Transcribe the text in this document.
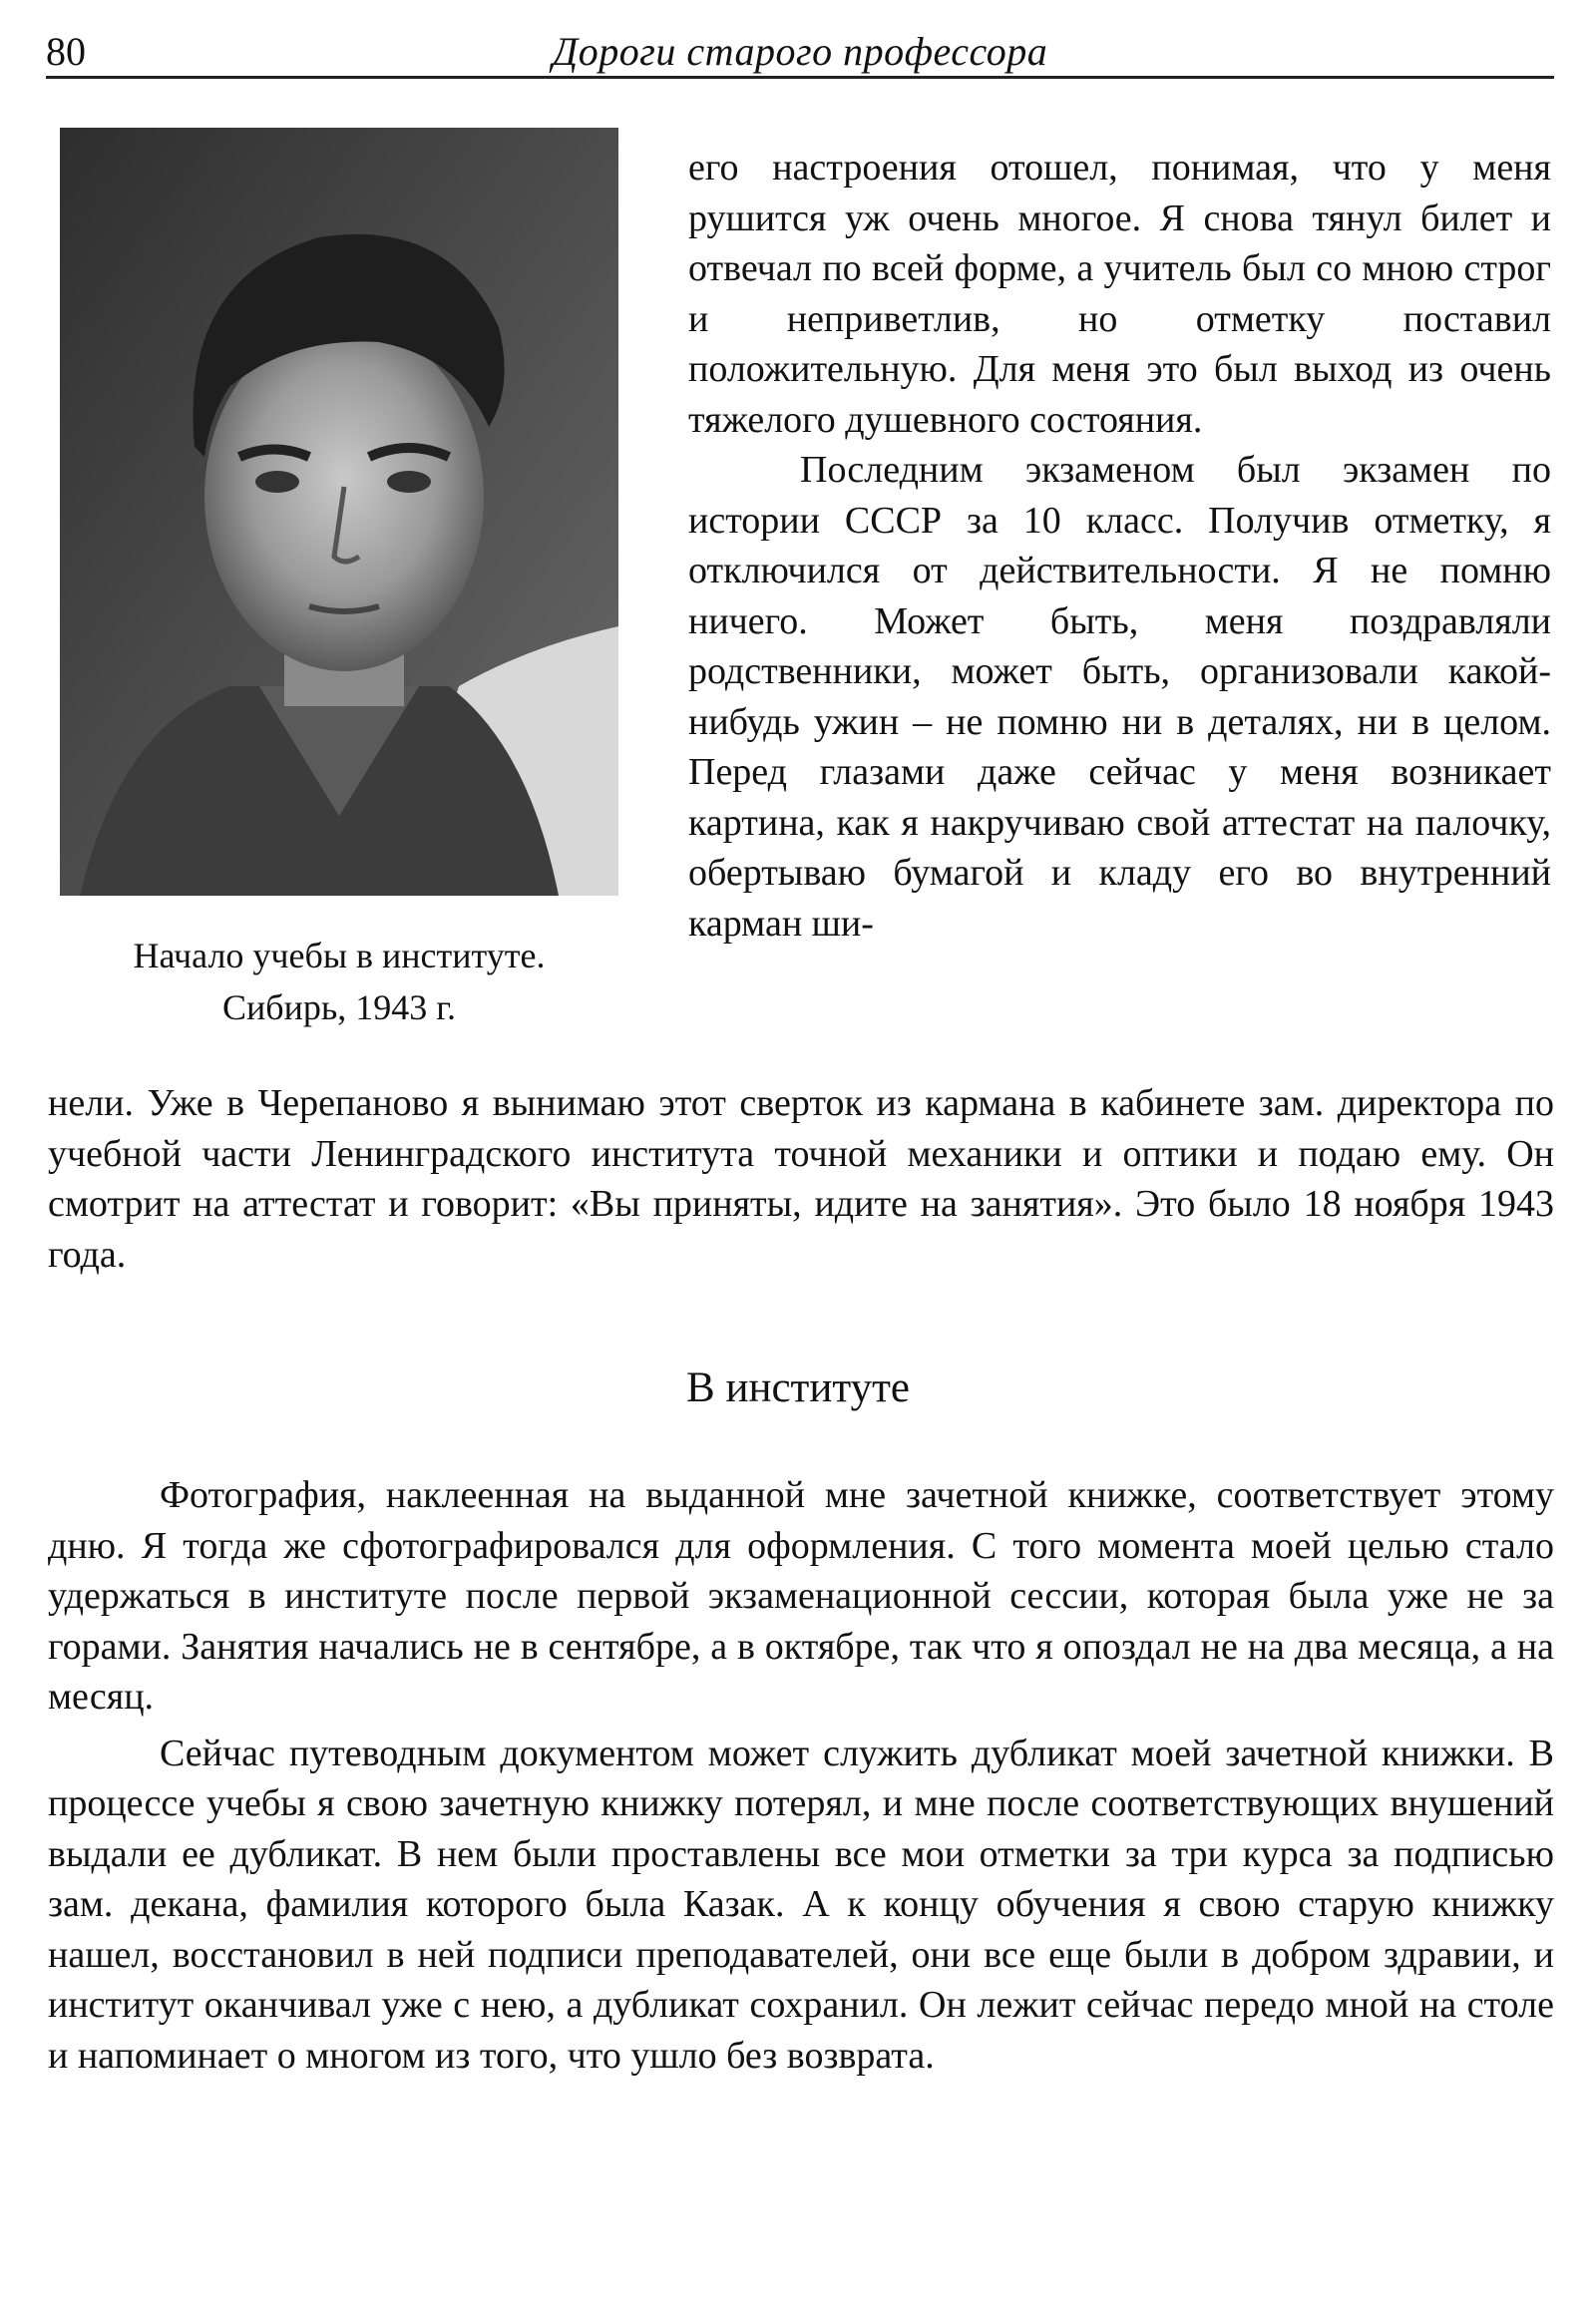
80	Дороги старого профессора
Начало учебы в институте.
Сибирь, 1943 г.

его настроения отошел, понимая, что у меня рушится уж очень многое. Я снова тянул билет и отвечал по всей форме, а учитель был со мною строг и неприветлив, но отметку поставил положительную. Для меня это был выход из очень тяжелого душевного состояния.

Последним экзаменом был экзамен по истории СССР за 10 класс. Получив отметку, я отключился от действительности. Я не помню ничего. Может быть, меня поздравляли родственники, может быть, организовали какой-нибудь ужин – не помню ни в деталях, ни в целом. Перед глазами даже сейчас у меня возникает картина, как я накручиваю свой аттестат на палочку, обертываю бумагой и кладу его во внутренний карман ши-

нели. Уже в Черепаново я вынимаю этот сверток из кармана в кабинете зам. директора по учебной части Ленинградского института точной механики и оптики и подаю ему. Он смотрит на аттестат и говорит: «Вы приняты, идите на занятия». Это было 18 ноября 1943 года.

В институте

Фотография, наклеенная на выданной мне зачетной книжке, соответствует этому дню. Я тогда же сфотографировался для оформления. С того момента моей целью стало удержаться в институте после первой экзаменационной сессии, которая была уже не за горами. Занятия начались не в сентябре, а в октябре, так что я опоздал не на два месяца, а на месяц.

Сейчас путеводным документом может служить дубликат моей зачетной книжки. В процессе учебы я свою зачетную книжку потерял, и мне после соответствующих внушений выдали ее дубликат. В нем были проставлены все мои отметки за три курса за подписью зам. декана, фамилия которого была Казак. А к концу обучения я свою старую книжку нашел, восстановил в ней подписи преподавателей, они все еще были в добром здравии, и институт оканчивал уже с нею, а дубликат сохранил. Он лежит сейчас передо мной на столе и напоминает о многом из того, что ушло без возврата.
